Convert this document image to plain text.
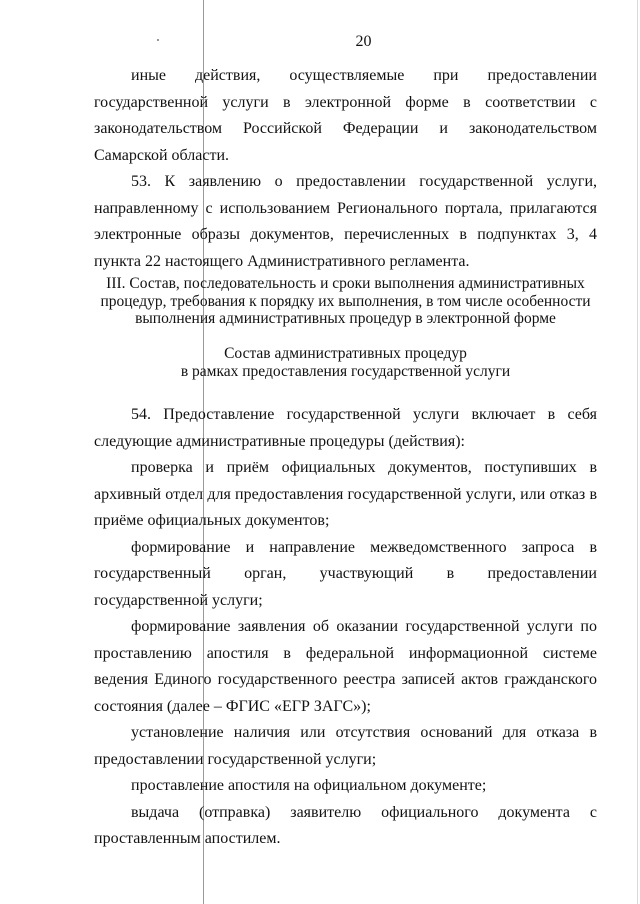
20

иные действия, осуществляемые при предоставлении государственной услуги в электронной форме в соответствии с законодательством Российской Федерации и законодательством Самарской области.

53. К заявлению о предоставлении государственной услуги, направленному с использованием Регионального портала, прилагаются электронные образы документов, перечисленных в подпунктах 3, 4 пункта 22 настоящего Административного регламента.

III. Состав, последовательность и сроки выполнения административных

процедур, требования к порядку их выполнения, в том числе особенности

выполнения административных процедур в электронной форме

Состав административных процедур

в рамках предоставления государственной услуги

54. Предоставление государственной услуги включает в себя следующие административные процедуры (действия):

проверка и приём официальных документов, поступивших в архивный отдел для предоставления государственной услуги, или отказ в приёме официальных документов;

формирование и направление межведомственного запроса в государственный орган, участвующий в предоставлении государственной услуги;

формирование заявления об оказании государственной услуги по проставлению апостиля в федеральной информационной системе ведения Единого государственного реестра записей актов гражданского состояния (далее – ФГИС «ЕГР ЗАГС»);

установление наличия или отсутствия оснований для отказа в предоставлении государственной услуги;

проставление апостиля на официальном документе;

выдача (отправка) заявителю официального документа с проставленным апостилем.
